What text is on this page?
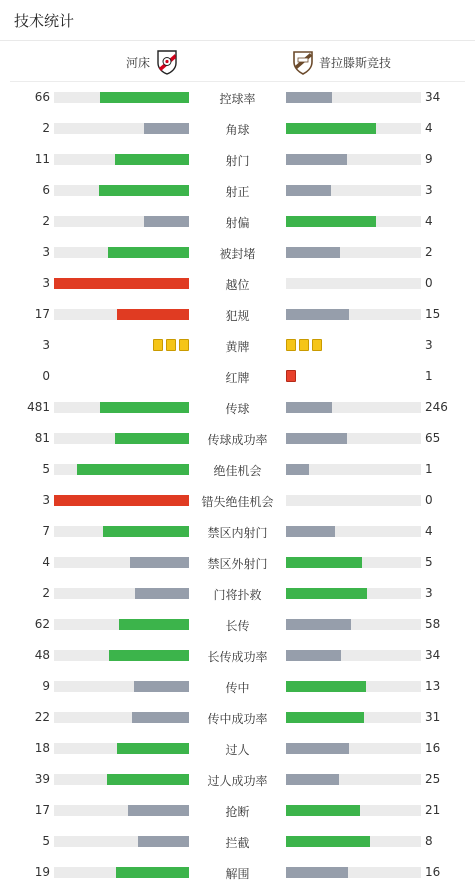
技术统计
河床	普拉滕斯竞技
66	控球率	34
2	角球	4
11	射门	9
6	射正	3
2	射偏	4
3	被封堵	2
3	越位	0
17	犯规	15
3	黄牌	3
0	红牌	1
481	传球	246
81	传球成功率	65
5	绝佳机会	1
3	错失绝佳机会	0
7	禁区内射门	4
4	禁区外射门	5
2	门将扑救	3
62	长传	58
48	长传成功率	34
9	传中	13
22	传中成功率	31
18	过人	16
39	过人成功率	25
17	抢断	21
5	拦截	8
19	解围	16
